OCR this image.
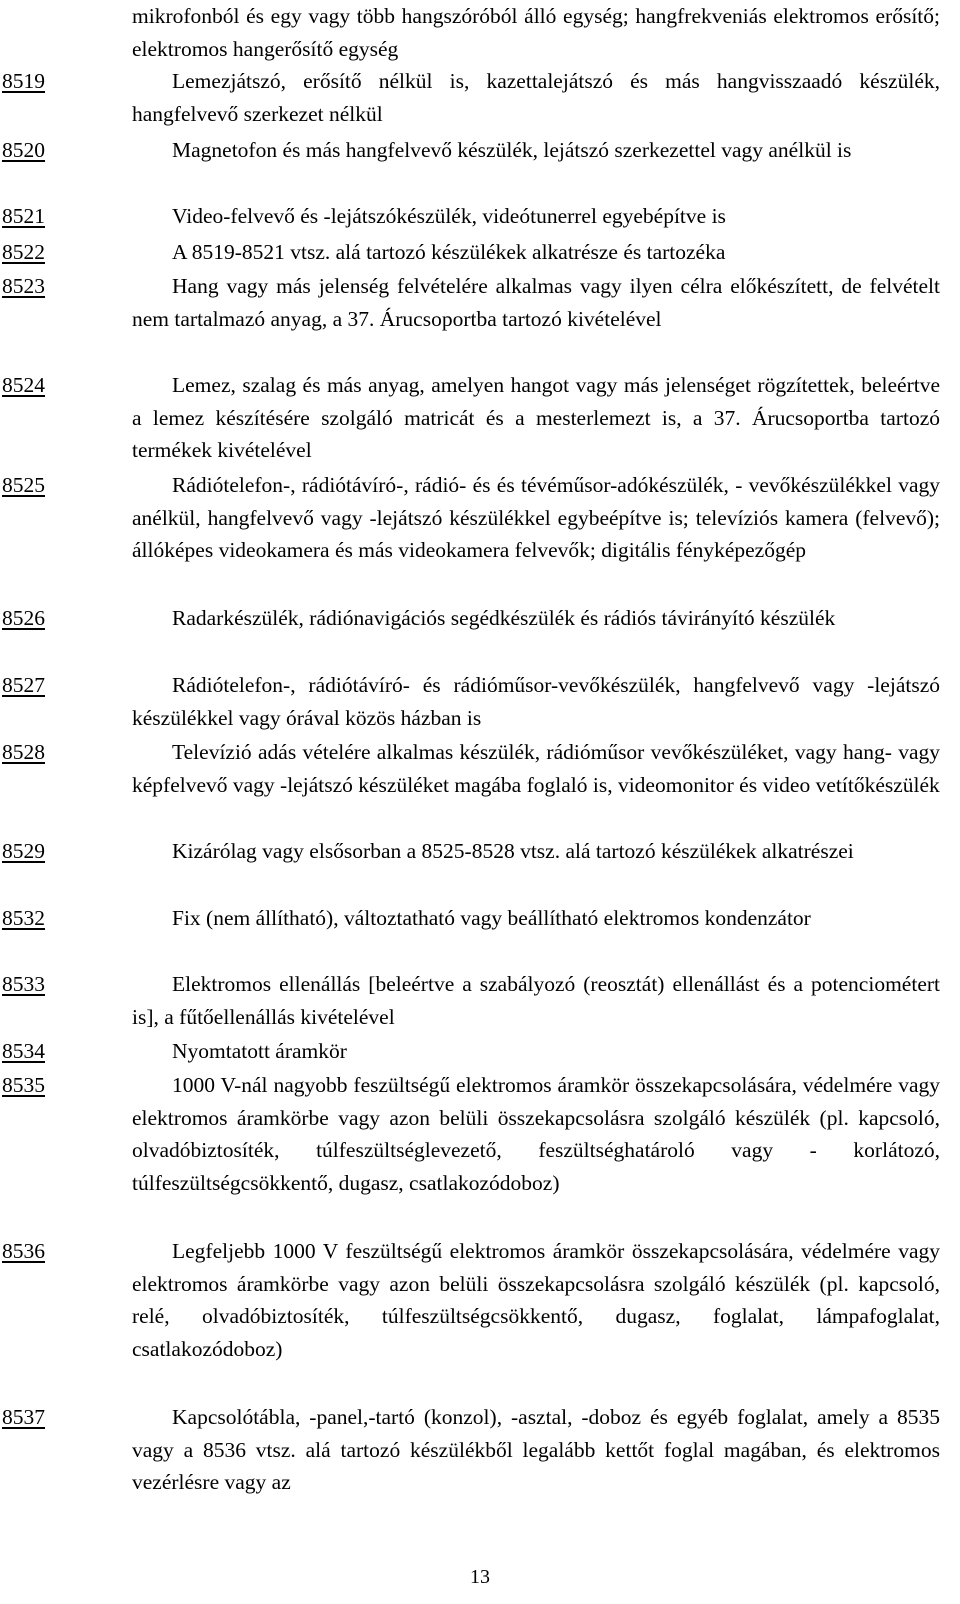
mikrofonból és egy vagy több hangszóróból álló egység; hangfrekveniás elektromos erősítő; elektromos hangerősítő egység
8519	Lemezjátszó, erősítő nélkül is, kazettalejátszó és más hangvisszaadó készülék, hangfelvevő szerkezet nélkül
8520	Magnetofon és más hangfelvevő készülék, lejátszó szerkezettel vagy anélkül is
8521	Video-felvevő és -lejátszókészülék, videótunerrel egyebépítve is
8522	A 8519-8521 vtsz. alá tartozó készülékek alkatrésze és tartozéka
8523	Hang vagy más jelenség felvételére alkalmas vagy ilyen célra előkészített, de felvételt nem tartalmazó anyag, a 37. Árucsoportba tartozó kivételével
8524	Lemez, szalag és más anyag, amelyen hangot vagy más jelenséget rögzítettek, beleértve a lemez készítésére szolgáló matricát és a mesterlemezt is, a 37. Árucsoportba tartozó termékek kivételével
8525	Rádiótelefon-, rádiótávíró-, rádió- és és tévéműsor-adókészülék, - vevőkészülékkel vagy anélkül, hangfelvevő vagy -lejátszó készülékkel egybeépítve is; televíziós kamera (felvevő); állóképes videokamera és más videokamera felvevők; digitális fényképezőgép
8526	Radarkészülék, rádiónavigációs segédkészülék és rádiós távirányító készülék
8527	Rádiótelefon-, rádiótávíró- és rádióműsor-vevőkészülék, hangfelvevő vagy -lejátszó készülékkel vagy órával közös házban is
8528	Televízió adás vételére alkalmas készülék, rádióműsor vevőkészüléket, vagy hang- vagy képfelvevő vagy -lejátszó készüléket magába foglaló is, videomonitor és video vetítőkészülék
8529	Kizárólag vagy elsősorban a 8525-8528 vtsz. alá tartozó készülékek alkatrészei
8532	Fix (nem állítható), változtatható vagy beállítható elektromos kondenzátor
8533	Elektromos ellenállás [beleértve a szabályozó (reosztát) ellenállást és a potenciométert is], a fűtőellenállás kivételével
8534	Nyomtatott áramkör
8535	1000 V-nál nagyobb feszültségű elektromos áramkör összekapcsolására, védelmére vagy elektromos áramkörbe vagy azon belüli összekapcsolásra szolgáló készülék (pl. kapcsoló, olvadóbiztosíték, túlfeszültséglevezető, feszültséghatároló vagy - korlátozó, túlfeszültségcsökkentő, dugasz, csatlakozódoboz)
8536	Legfeljebb 1000 V feszültségű elektromos áramkör összekapcsolására, védelmére vagy elektromos áramkörbe vagy azon belüli összekapcsolásra szolgáló készülék (pl. kapcsoló, relé, olvadóbiztosíték, túlfeszültségcsökkentő, dugasz, foglalat, lámpafoglalat, csatlakozódoboz)
8537	Kapcsolótábla, -panel,-tartó (konzol), -asztal, -doboz és egyéb foglalat, amely a 8535 vagy a 8536 vtsz. alá tartozó készülékből legalább kettőt foglal magában, és elektromos vezérlésre vagy az
13
